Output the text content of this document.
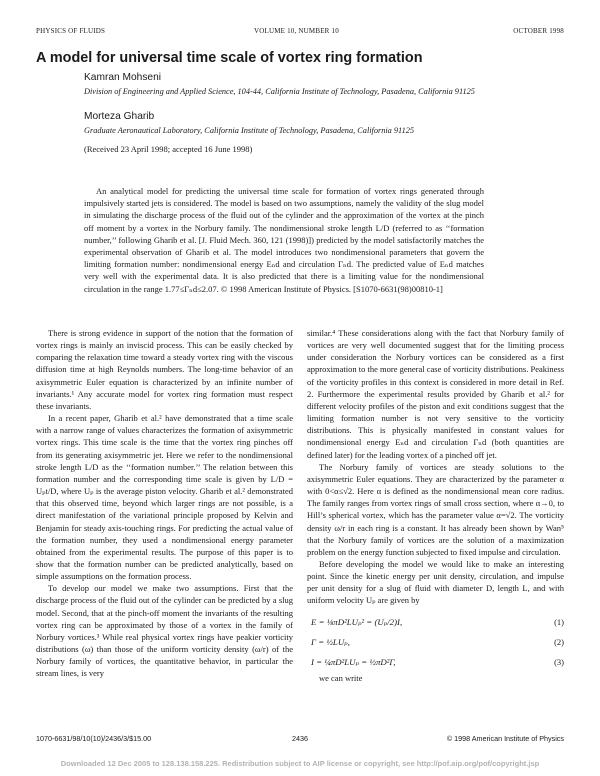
PHYSICS OF FLUIDS	VOLUME 10, NUMBER 10	OCTOBER 1998
A model for universal time scale of vortex ring formation
Kamran Mohseni
Division of Engineering and Applied Science, 104-44, California Institute of Technology, Pasadena, California 91125
Morteza Gharib
Graduate Aeronautical Laboratory, California Institute of Technology, Pasadena, California 91125
(Received 23 April 1998; accepted 16 June 1998)

An analytical model for predicting the universal time scale for formation of vortex rings generated through impulsively started jets is considered. The model is based on two assumptions, namely the validity of the slug model in simulating the discharge process of the fluid out of the cylinder and the approximation of the vortex at the pinch off moment by a vortex in the Norbury family. The nondimensional stroke length L/D (referred to as ‘‘formation number,’’ following Gharib et al. [J. Fluid Mech. 360, 121 (1998)]) predicted by the model satisfactorily matches the experimental observation of Gharib et al. The model introduces two nondimensional parameters that govern the limiting formation number: nondimensional energy Eₙd and circulation Γₙd. The predicted value of Eₙd matches very well with the experimental data. It is also predicted that there is a limiting value for the nondimensional circulation in the range 1.77≤Γₙd≤2.07. © 1998 American Institute of Physics. [S1070-6631(98)00810-1]

There is strong evidence in support of the notion that the formation of vortex rings is mainly an inviscid process. This can be easily checked by comparing the relaxation time toward a steady vortex ring with the viscous diffusion time at high Reynolds numbers. The long-time behavior of an axisymmetric Euler equation is characterized by an infinite number of invariants.¹ Any accurate model for vortex ring formation must respect these invariants.

In a recent paper, Gharib et al.² have demonstrated that a time scale with a narrow range of values characterizes the formation of axisymmetric vortex rings. This time scale is the time that the vortex ring pinches off from its generating axisymmetric jet. Here we refer to the nondimensional stroke length L/D as the ‘‘formation number.’’ The relation between this formation number and the corresponding time scale is given by L/D = Uₚt/D, where Uₚ is the average piston velocity. Gharib et al.² demonstrated that this observed time, beyond which larger rings are not possible, is a direct manifestation of the variational principle proposed by Kelvin and Benjamin for steady axis-touching rings. For predicting the actual value of the formation number, they used a nondimensional energy parameter obtained from the experimental results. The purpose of this paper is to show that the formation number can be predicted analytically, based on simple assumptions on the formation process.

To develop our model we make two assumptions. First that the discharge process of the fluid out of the cylinder can be predicted by a slug model. Second, that at the pinch-off moment the invariants of the resulting vortex ring can be approximated by those of a vortex in the family of Norbury vortices.³ While real physical vortex rings have peakier vorticity distributions (ω) than those of the uniform vorticity density (ω/r) of the Norbury family of vortices, the quantitative behavior, in particular the stream lines, is very

similar.⁴ These considerations along with the fact that Norbury family of vortices are very well documented suggest that for the limiting process under consideration the Norbury vortices can be considered as a first approximation to the more general case of vorticity distributions. Peakiness of the vorticity profiles in this context is considered in more detail in Ref. 2. Furthermore the experimental results provided by Gharib et al.² for different velocity profiles of the piston and exit conditions suggest that the limiting formation number is not very sensitive to the vorticity distributions. This is physically manifested in constant values for nondimensional energy Eₙd and circulation Γₙd (both quantities are defined later) for the leading vortex of a pinched off jet.

The Norbury family of vortices are steady solutions to the axisymmetric Euler equations. They are characterized by the parameter α with 0<α≤√2. Here α is defined as the nondimensional mean core radius. The family ranges from vortex rings of small cross section, where α→0, to Hill’s spherical vortex, which has the parameter value α=√2. The vorticity density ω/r in each ring is a constant. It has already been shown by Wan⁵ that the Norbury family of vortices are the solution of a maximization problem on the energy function subjected to fixed impulse and circulation.

Before developing the model we would like to make an interesting point. Since the kinetic energy per unit density, circulation, and impulse per unit density for a slug of fluid with diameter D, length L, and with uniform velocity Uₚ are given by

E = ⅛πD²LUₚ² = (Uₚ/2)I,	(1)
Γ = ½LUₚ,	(2)
I = ¼πD²LUₚ = ½πD²Γ,	(3)

we can write

1070-6631/98/10(10)/2436/3/$15.00	2436	© 1998 American Institute of Physics
Downloaded 12 Dec 2005 to 128.138.158.225. Redistribution subject to AIP license or copyright, see http://pof.aip.org/pof/copyright.jsp
